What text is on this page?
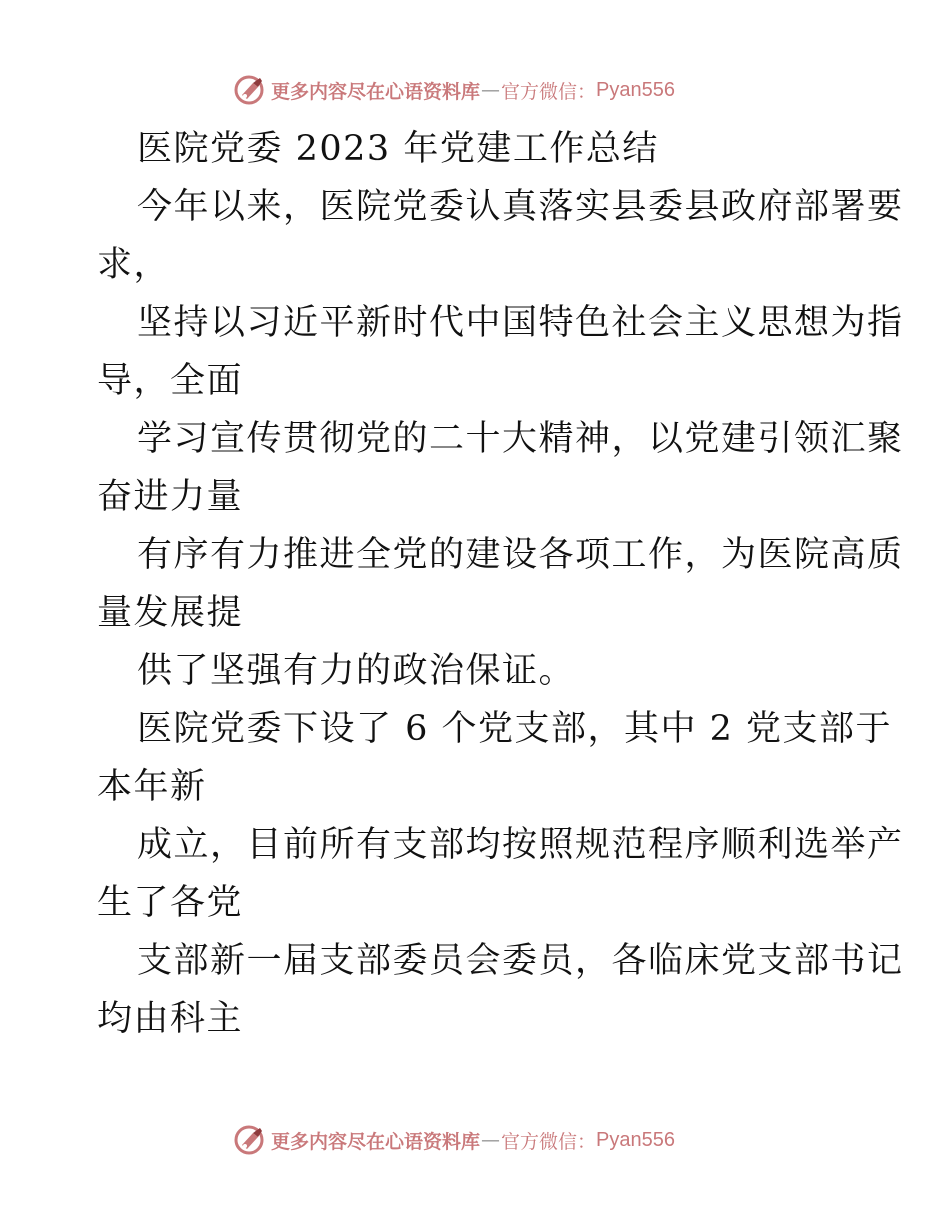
更多内容尽在心语资料库 — 官方微信： Pyan556
医院党委 2023 年党建工作总结
今年以来，医院党委认真落实县委县政府部署要
求，
坚持以习近平新时代中国特色社会主义思想为指
导，全面
学习宣传贯彻党的二十大精神，以党建引领汇聚
奋进力量
有序有力推进全党的建设各项工作，为医院高质
量发展提
供了坚强有力的政治保证。
医院党委下设了 6 个党支部，其中 2 党支部于
本年新
成立，目前所有支部均按照规范程序顺利选举产
生了各党
支部新一届支部委员会委员，各临床党支部书记
均由科主
更多内容尽在心语资料库 — 官方微信： Pyan556
